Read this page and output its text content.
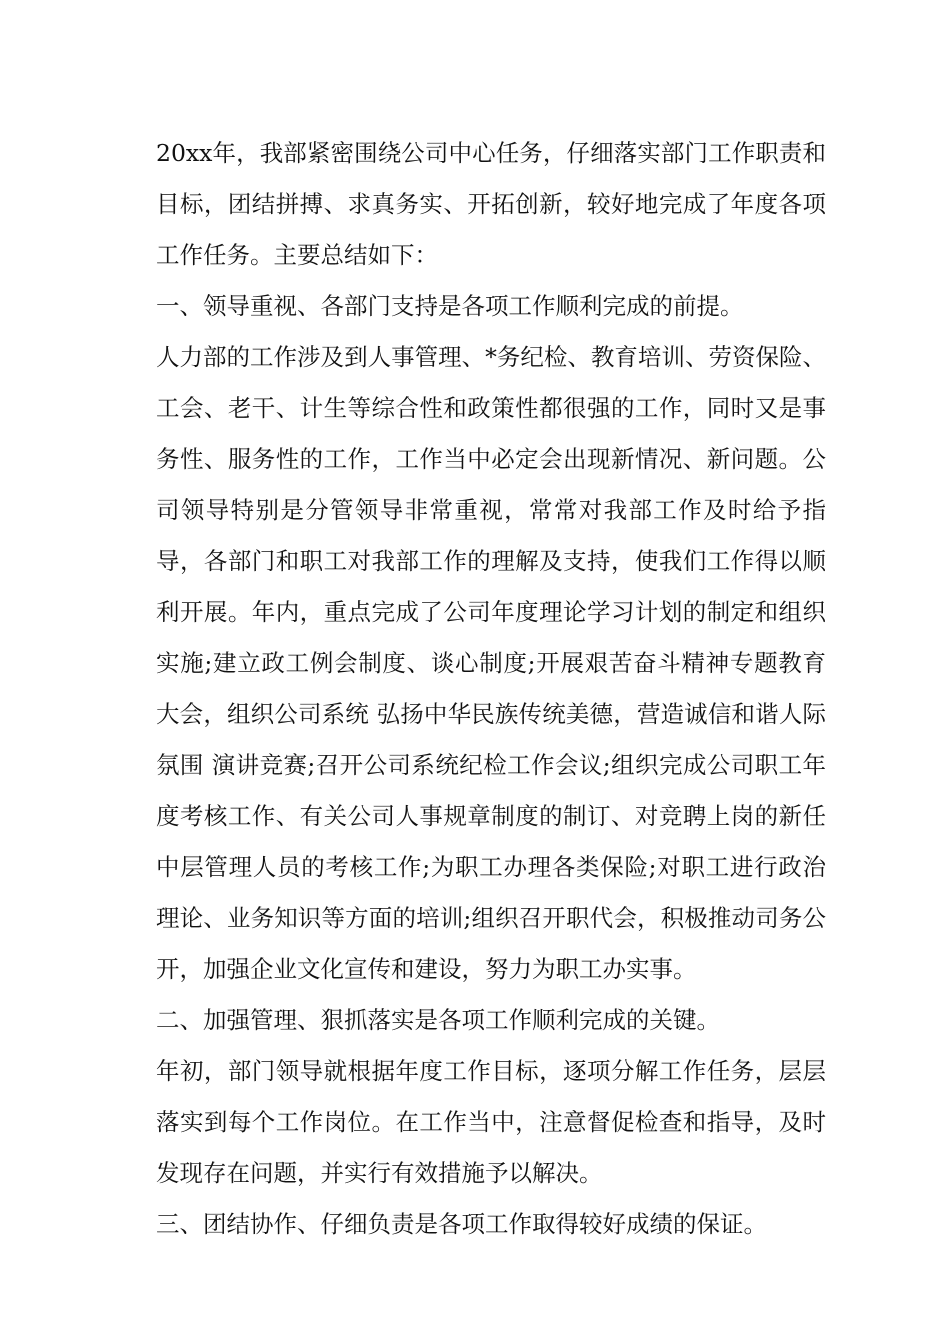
20xx年，我部紧密围绕公司中心任务，仔细落实部门工作职责和目标，团结拼搏、求真务实、开拓创新，较好地完成了年度各项工作任务。主要总结如下：

一、领导重视、各部门支持是各项工作顺利完成的前提。

人力部的工作涉及到人事管理、*务纪检、教育培训、劳资保险、工会、老干、计生等综合性和政策性都很强的工作，同时又是事务性、服务性的工作，工作当中必定会出现新情况、新问题。公司领导特别是分管领导非常重视，常常对我部工作及时给予指导，各部门和职工对我部工作的理解及支持，使我们工作得以顺利开展。年内，重点完成了公司年度理论学习计划的制定和组织实施;建立政工例会制度、谈心制度;开展艰苦奋斗精神专题教育大会，组织公司系统 弘扬中华民族传统美德，营造诚信和谐人际氛围 演讲竞赛;召开公司系统纪检工作会议;组织完成公司职工年度考核工作、有关公司人事规章制度的制订、对竞聘上岗的新任中层管理人员的考核工作;为职工办理各类保险;对职工进行政治理论、业务知识等方面的培训;组织召开职代会，积极推动司务公开，加强企业文化宣传和建设，努力为职工办实事。

二、加强管理、狠抓落实是各项工作顺利完成的关键。

年初，部门领导就根据年度工作目标，逐项分解工作任务，层层落实到每个工作岗位。在工作当中，注意督促检查和指导，及时发现存在问题，并实行有效措施予以解决。

三、团结协作、仔细负责是各项工作取得较好成绩的保证。
